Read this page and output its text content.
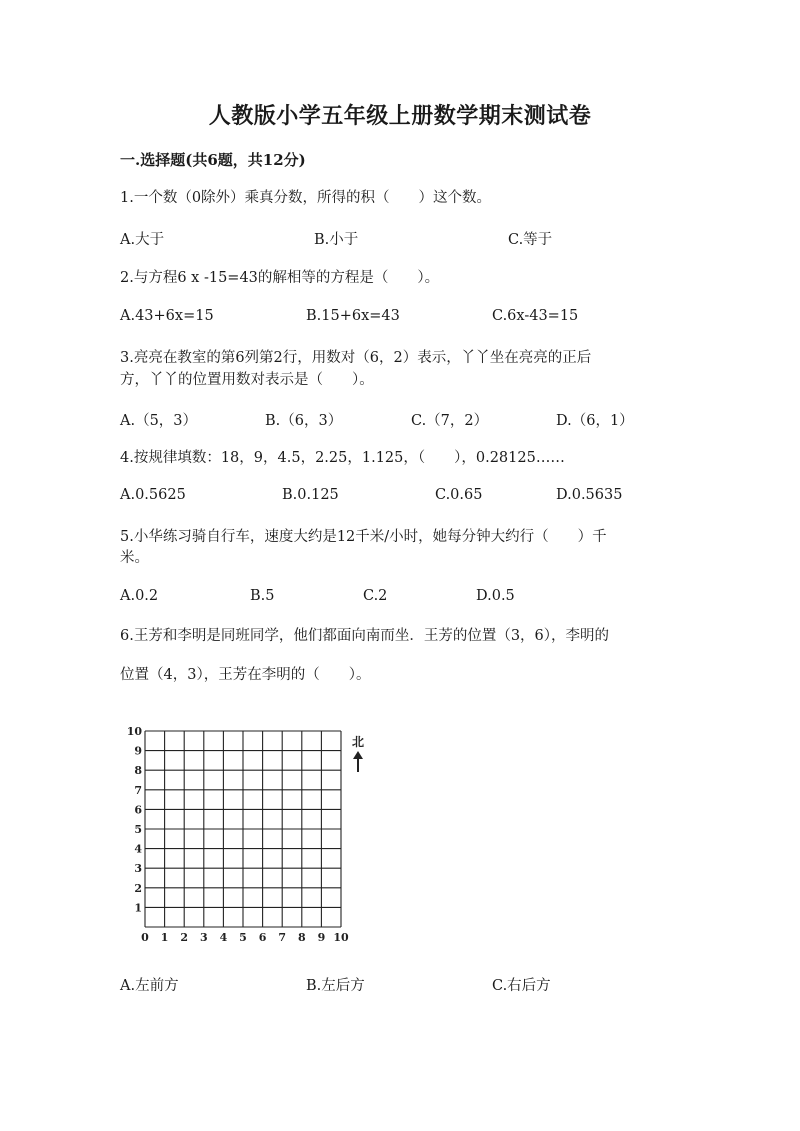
人教版小学五年级上册数学期末测试卷
一.选择题(共6题，共12分)
1.一个数（0除外）乘真分数，所得的积（　　）这个数。
A.大于	B.小于	C.等于
2.与方程6 x -15=43的解相等的方程是（　　）。
A.43+6x=15	B.15+6x=43	C.6x-43=15
3.亮亮在教室的第6列第2行，用数对（6，2）表示，丫丫坐在亮亮的正后
方，丫丫的位置用数对表示是（　　）。
A.（5，3）	B.（6，3）	C.（7，2）	D.（6，1）
4.按规律填数：18，9，4.5，2.25，1.125，（　　），0.28125……
A.0.5625	B.0.125	C.0.65	D.0.5635
5.小华练习骑自行车，速度大约是12千米/小时，她每分钟大约行（　　）千
米。
A.0.2	B.5	C.2	D.0.5
6.王芳和李明是同班同学，他们都面向南而坐．王芳的位置（3，6），李明的
位置（4，3），王芳在李明的（　　）。
0 1 2 3 4 5 6 7 8 9 10
1
2
3
4
5
6
7
8
9
10
北
A.左前方	B.左后方	C.右后方
